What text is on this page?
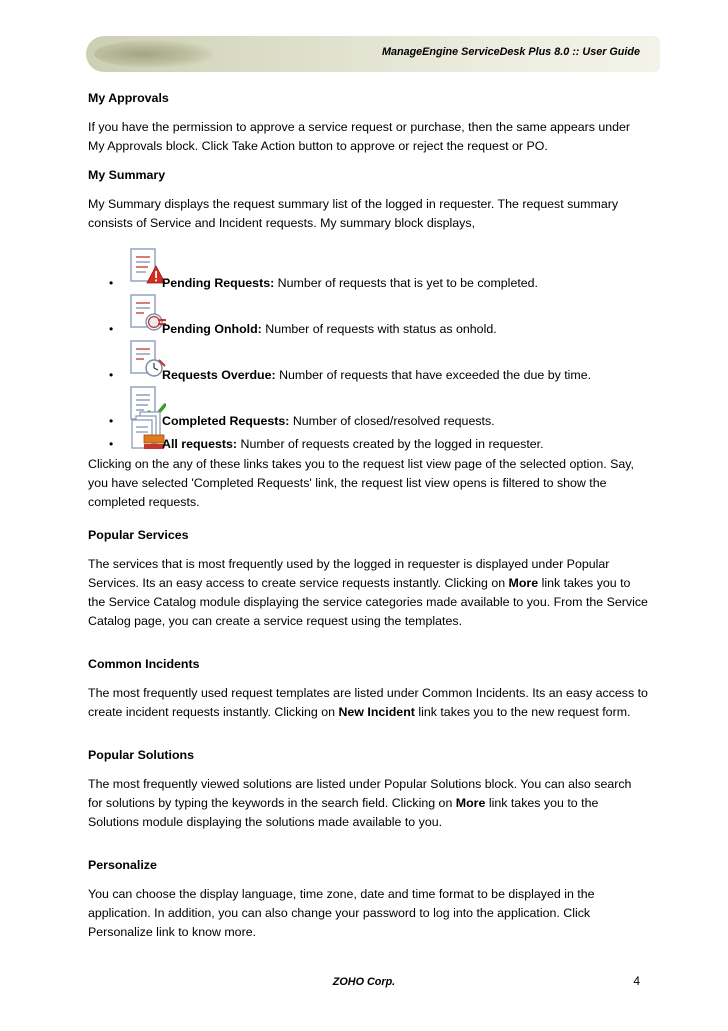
ManageEngine ServiceDesk Plus 8.0 :: User Guide
My Approvals

If you have the permission to approve a service request or purchase, then the same appears under My Approvals block. Click Take Action button to approve or reject the request or PO.

My Summary

My Summary displays the request summary list of the logged in requester. The request summary consists of Service and Incident requests. My summary block displays,

•	Pending Requests: Number of requests that is yet to be completed.
•	Pending Onhold: Number of requests with status as onhold.
•	Requests Overdue: Number of requests that have exceeded the due by time.
•	Completed Requests: Number of closed/resolved requests.
•	All requests: Number of requests created by the logged in requester.

Clicking on the any of these links takes you to the request list view page of the selected option. Say, you have selected 'Completed Requests' link, the request list view opens is filtered to show the completed requests.

Popular Services

The services that is most frequently used by the logged in requester is displayed under Popular Services. Its an easy access to create service requests instantly. Clicking on More link takes you to the Service Catalog module displaying the service categories made available to you. From the Service Catalog page, you can create a service request using the templates.

Common Incidents

The most frequently used request templates are listed under Common Incidents. Its an easy access to create incident requests instantly. Clicking on New Incident link takes you to the new request form.

Popular Solutions

The most frequently viewed solutions are listed under Popular Solutions block. You can also search for solutions by typing the keywords in the search field. Clicking on More link takes you to the Solutions module displaying the solutions made available to you.

Personalize

You can choose the display language, time zone, date and time format to be displayed in the application. In addition, you can also change your password to log into the application. Click Personalize link to know more.

ZOHO Corp.	4
